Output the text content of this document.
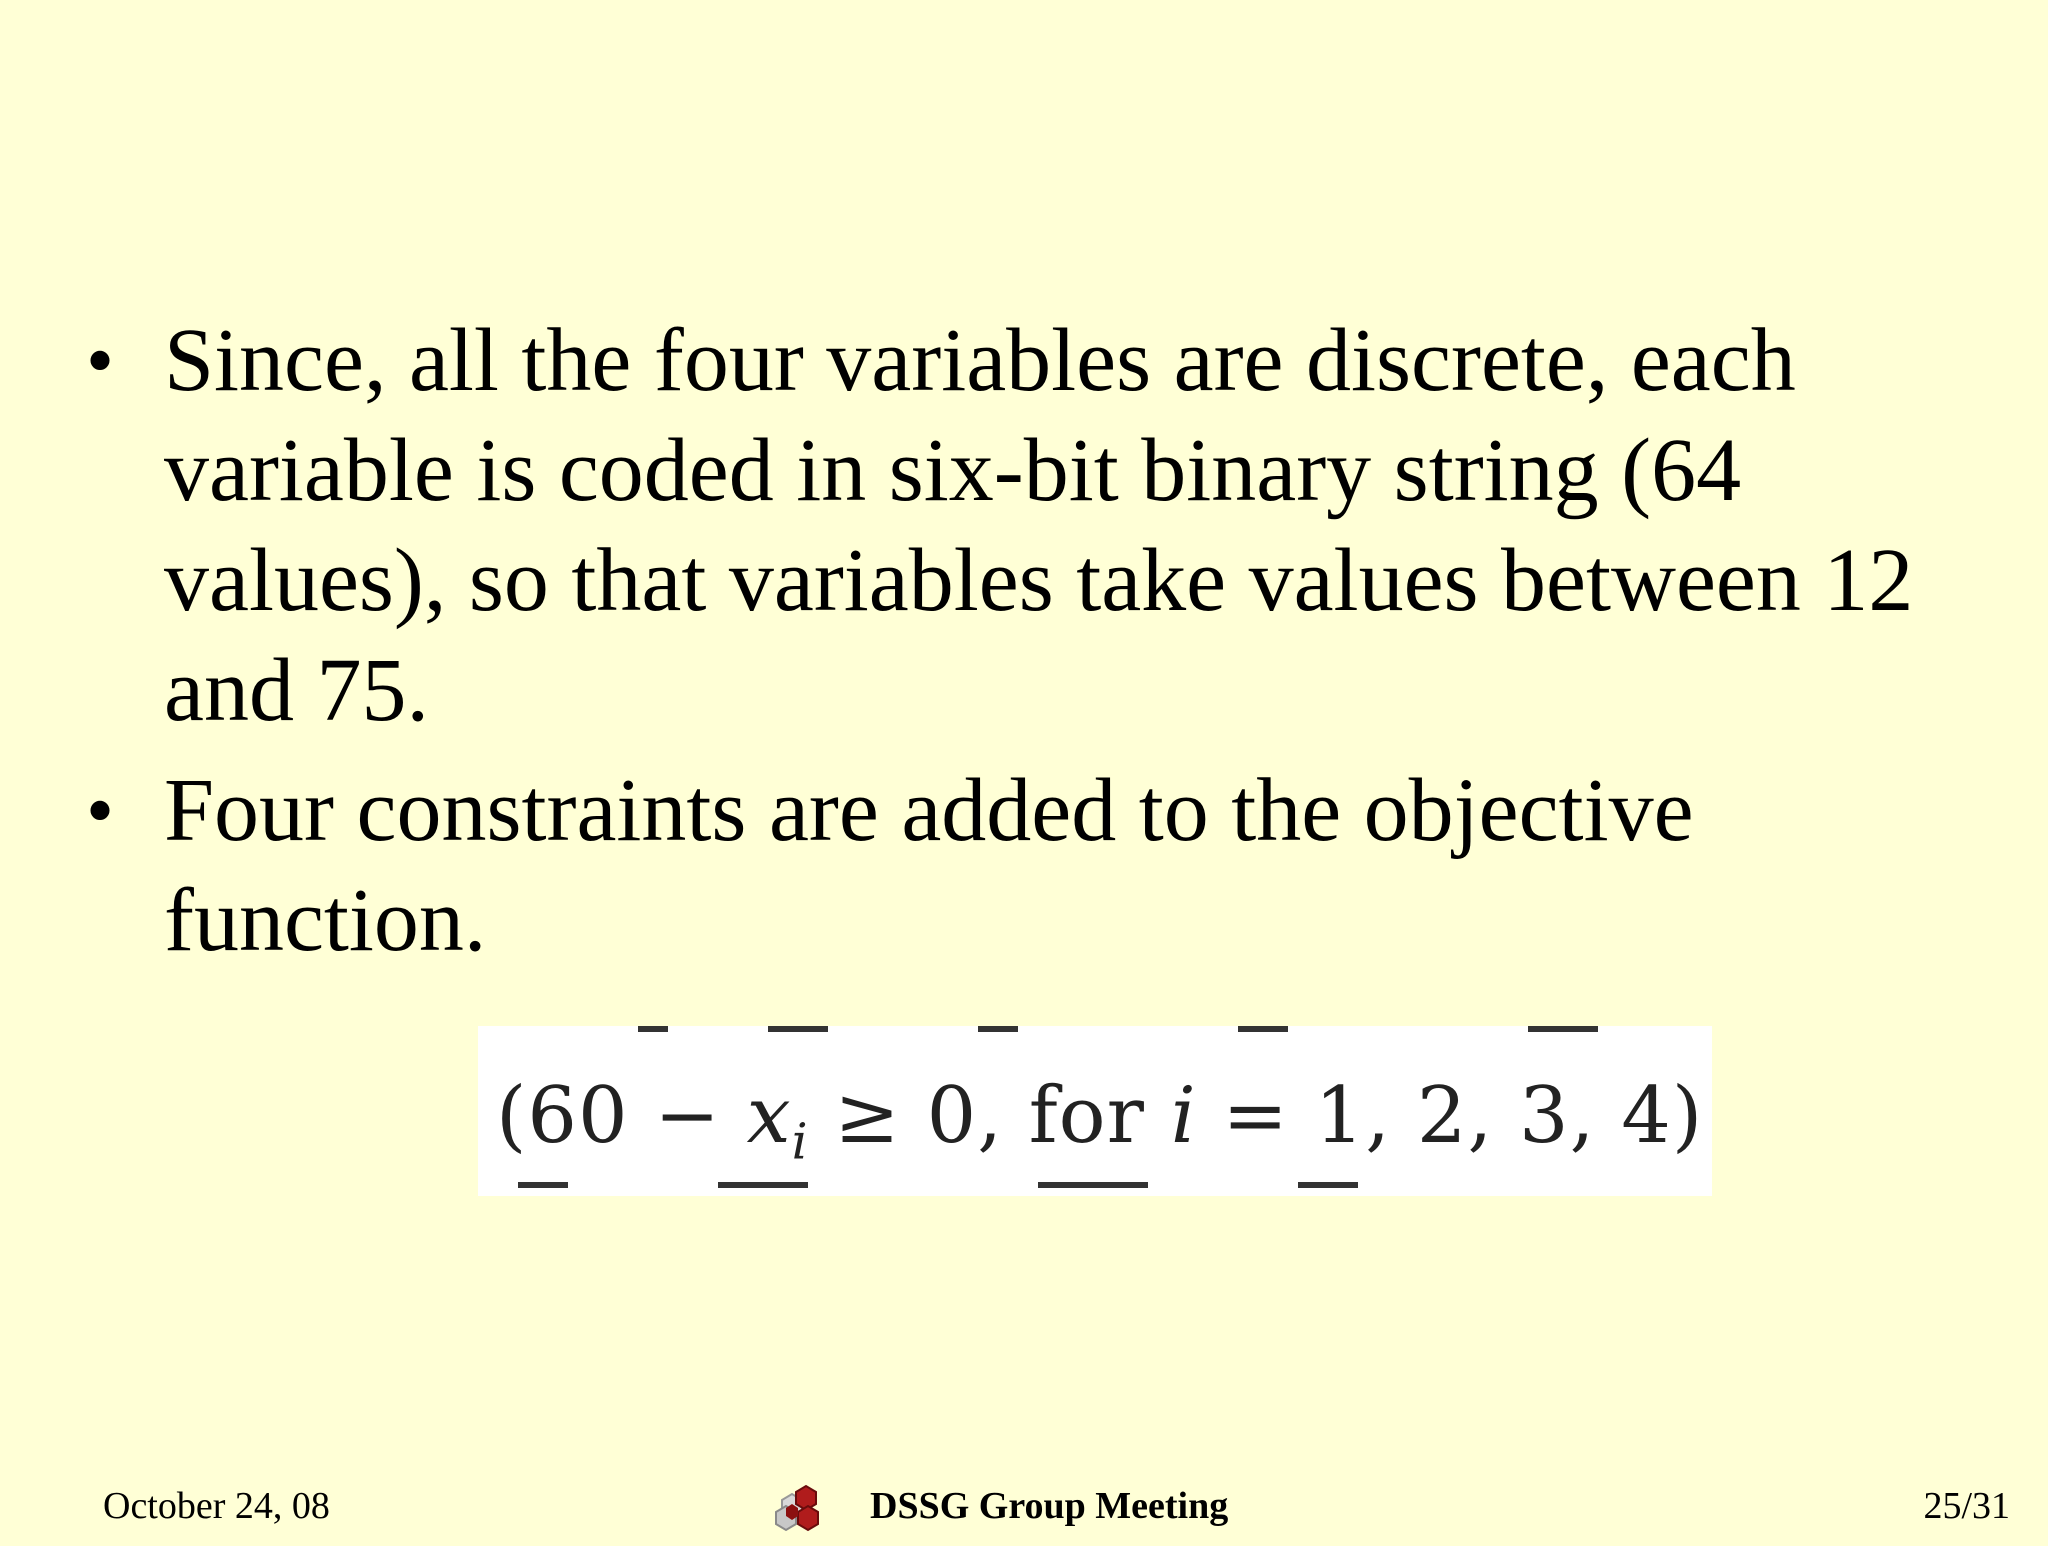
• Since, all the four variables are discrete, each
variable is coded in six-bit binary string (64
values), so that variables take values between 12
and 75.
• Four constraints are added to the objective
function.
($60 - x_i \ge 0$, for i = 1, 2, 3, 4)
October 24, 08	DSSG Group Meeting	25/31
